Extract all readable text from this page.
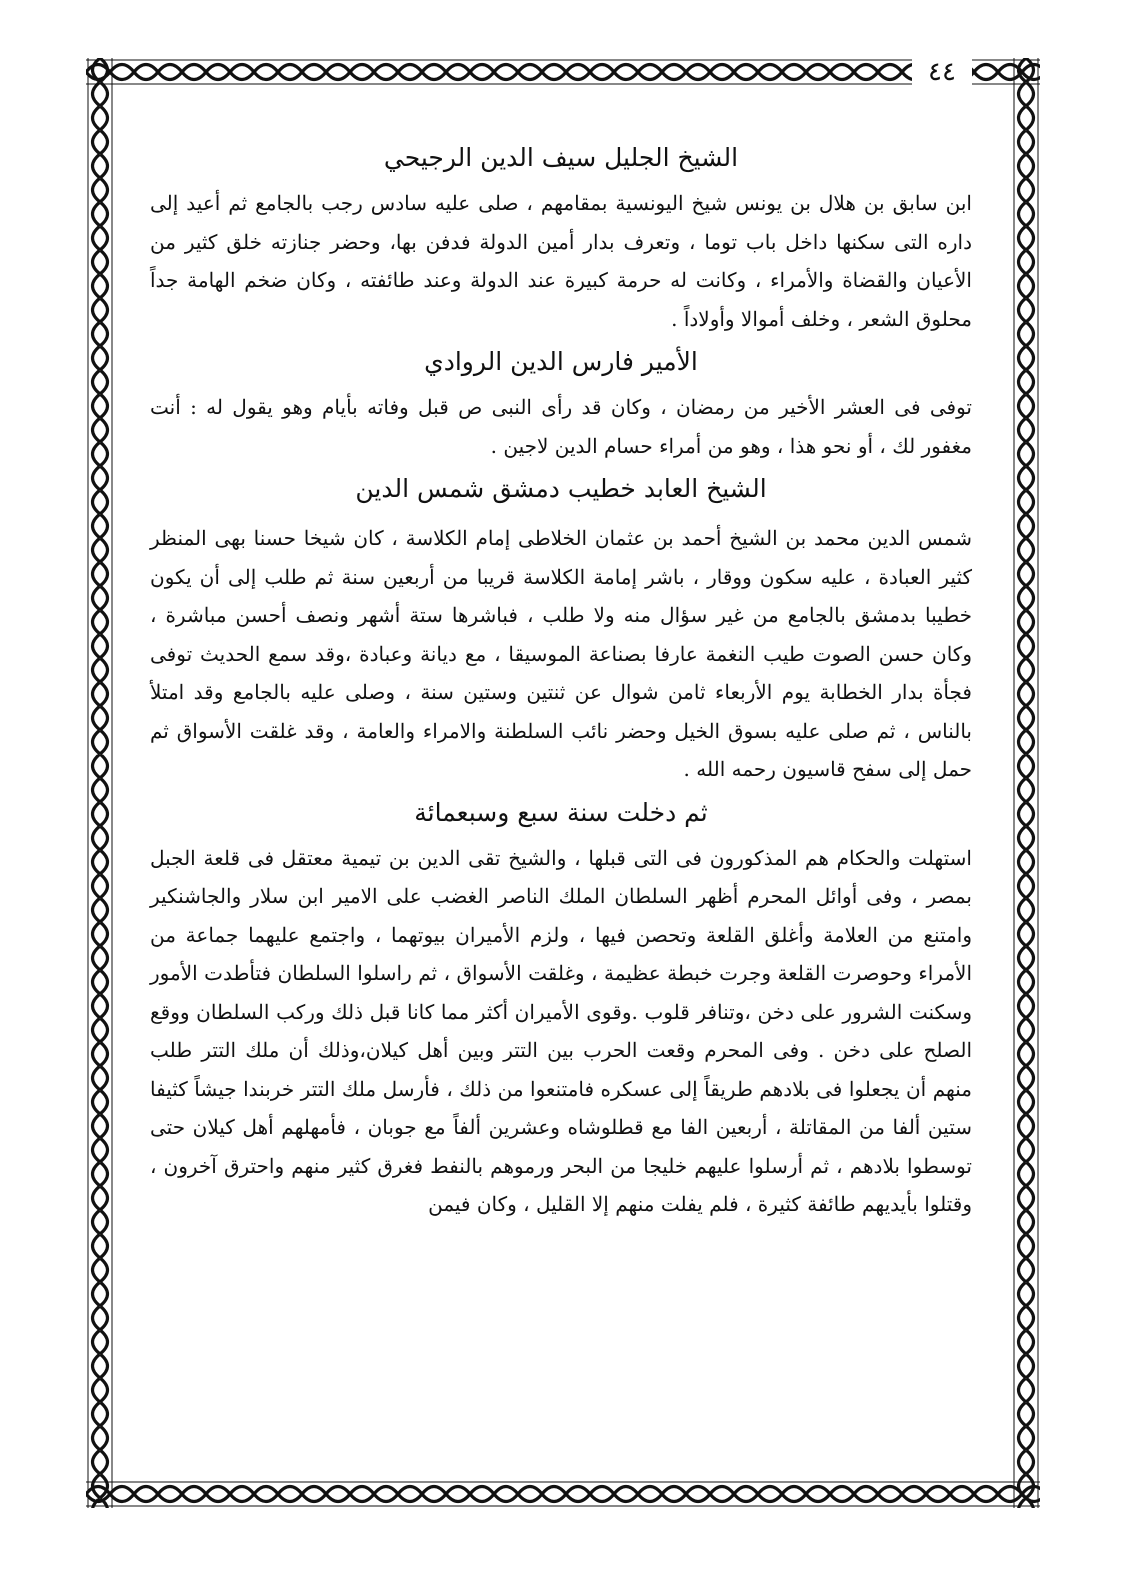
٤٤
الشيخ الجليل سيف الدين الرجيحي

ابن سابق بن هلال بن يونس شيخ اليونسية بمقامهم ، صلى عليه سادس رجب بالجامع ثم أعيد إلى داره التى سكنها داخل باب توما ، وتعرف بدار أمين الدولة فدفن بها، وحضر جنازته خلق كثير من الأعيان والقضاة والأمراء ، وكانت له حرمة كبيرة عند الدولة وعند طائفته ، وكان ضخم الهامة جداً محلوق الشعر ، وخلف أموالا وأولاداً .

الأمير فارس الدين الروادي

توفى فى العشر الأخير من رمضان ، وكان قد رأى النبى ص قبل وفاته بأيام وهو يقول له : أنت مغفور لك ، أو نحو هذا ، وهو من أمراء حسام الدين لاجين .

الشيخ العابد خطيب دمشق شمس الدين

شمس الدين محمد بن الشيخ أحمد بن عثمان الخلاطى إمام الكلاسة ، كان شيخا حسنا بهى المنظر كثير العبادة ، عليه سكون ووقار ، باشر إمامة الكلاسة قريبا من أربعين سنة ثم طلب إلى أن يكون خطيبا بدمشق بالجامع من غير سؤال منه ولا طلب ، فباشرها ستة أشهر ونصف أحسن مباشرة ، وكان حسن الصوت طيب النغمة عارفا بصناعة الموسيقا ، مع ديانة وعبادة ،وقد سمع الحديث توفى فجأة بدار الخطابة يوم الأربعاء ثامن شوال عن ثنتين وستين سنة ، وصلى عليه بالجامع وقد امتلأ بالناس ، ثم صلى عليه بسوق الخيل وحضر نائب السلطنة والامراء والعامة ، وقد غلقت الأسواق ثم حمل إلى سفح قاسيون رحمه الله .

ثم دخلت سنة سبع وسبعمائة

استهلت والحكام هم المذكورون فى التى قبلها ، والشيخ تقى الدين بن تيمية معتقل فى قلعة الجبل بمصر ، وفى أوائل المحرم أظهر السلطان الملك الناصر الغضب على الامير ابن سلار والجاشنكير وامتنع من العلامة وأغلق القلعة وتحصن فيها ، ولزم الأميران بيوتهما ، واجتمع عليهما جماعة من الأمراء وحوصرت القلعة وجرت خبطة عظيمة ، وغلقت الأسواق ، ثم راسلوا السلطان فتأطدت الأمور وسكنت الشرور على دخن ،وتنافر قلوب .وقوى الأميران أكثر مما كانا قبل ذلك وركب السلطان ووقع الصلح على دخن . وفى المحرم وقعت الحرب بين التتر وبين أهل كيلان،وذلك أن ملك التتر طلب منهم أن يجعلوا فى بلادهم طريقاً إلى عسكره فامتنعوا من ذلك ، فأرسل ملك التتر خربندا جيشاً كثيفا ستين ألفا من المقاتلة ، أربعين الفا مع قطلوشاه وعشرين ألفاً مع جوبان ، فأمهلهم أهل كيلان حتى توسطوا بلادهم ، ثم أرسلوا عليهم خليجا من البحر ورموهم بالنفط فغرق كثير منهم واحترق آخرون ، وقتلوا بأيديهم طائفة كثيرة ، فلم يفلت منهم إلا القليل ، وكان فيمن
